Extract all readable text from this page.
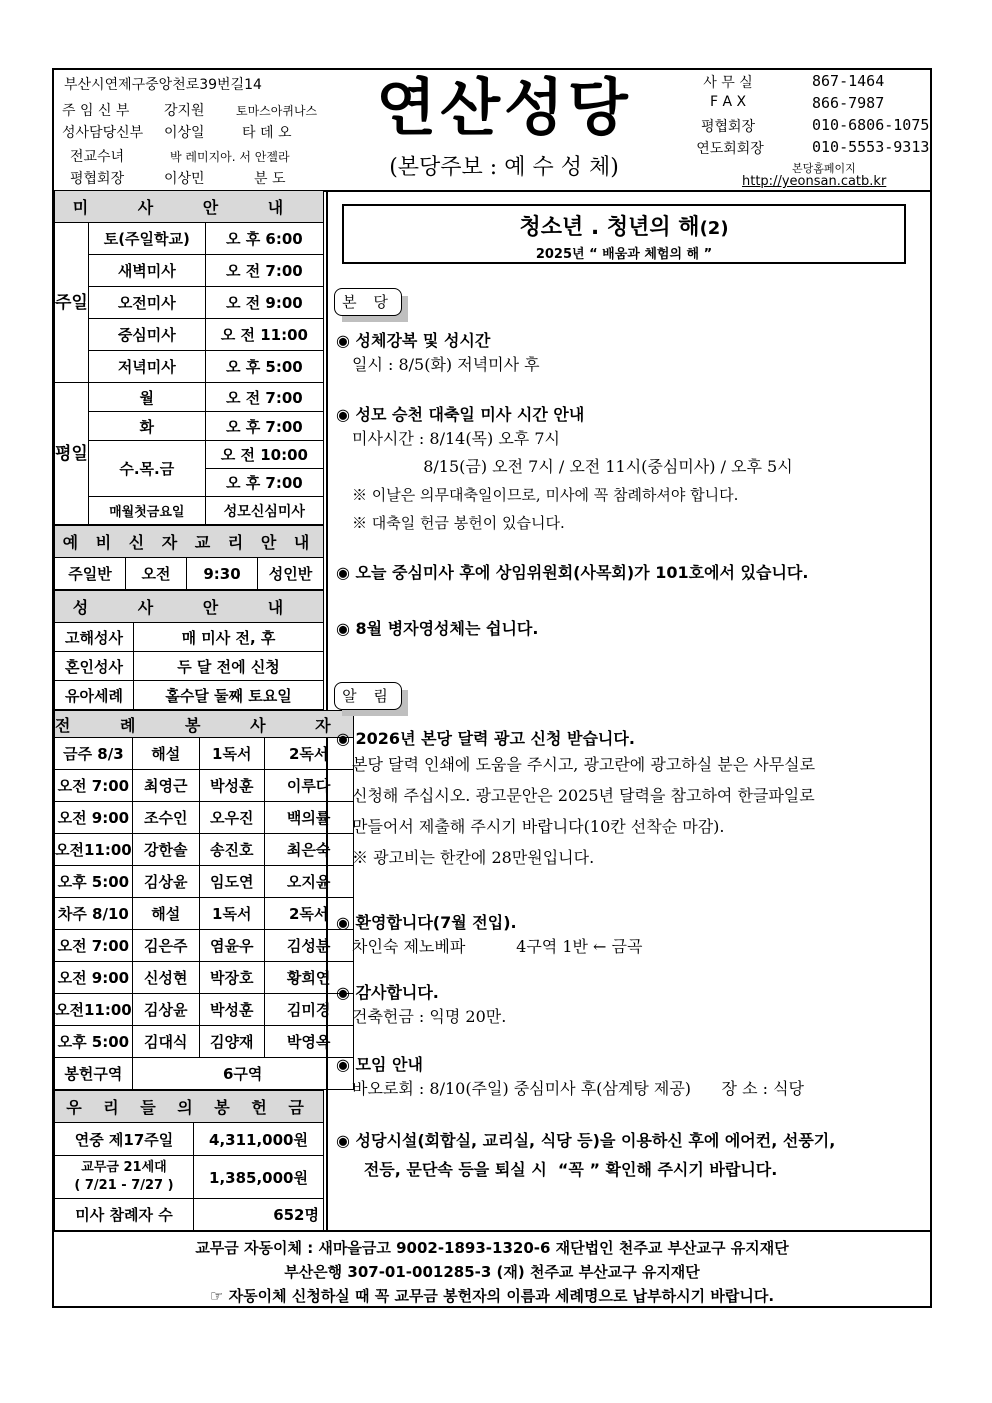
부산시연제구중앙천로39번길14
주 임 신 부 강지원	토마스아퀴나스
성사담당신부 이상일	타 데 오
전교수녀	박 레미지아. 서 안젤라
평협회장	이상민	분 도
연산성당
(본당주보 : 예 수 성 체)
사 무 실	867-1464
F A X	866-7987
평협회장	010-6806-1075
연도회회장	010-5553-9313
본당홈페이지
http://yeonsan.catb.kr
미 사 안 내		
주일	토(주일학교)	오 후 6:00
	새벽미사	오 전 7:00
	오전미사	오 전 9:00
	중심미사	오 전 11:00
	저녁미사	오 후 5:00
평일	월	오 전 7:00
	화	오 후 7:00
	수.목.금	오 전 10:00
		오 후 7:00
	매월첫금요일	성모신심미사
예 비 신 자 교 리 안 내
주일반	오전	9:30	성인반
성 사 안 내	
고해성사	매 미사 전, 후
혼인성사	두 달 전에 신청
유아세례	홀수달 둘째 토요일
전 례 봉 사 자			
금주 8/3	해설	1독서	2독서
오전 7:00	최영근	박성훈	이루다
오전 9:00	조수인	오우진	백의률
오전11:00	강한솔	송진호	최은숙
오후 5:00	김상윤	임도연	오지윤
차주 8/10	해설	1독서	2독서
오전 7:00	김은주	염윤우	김성분
오전 9:00	신성현	박장호	황희연
오전11:00	김상윤	박성훈	김미경
오후 5:00	김대식	김양재	박영옥
봉헌구역	6구역		
우 리 들 의 봉 헌 금	
연중 제17주일	4,311,000원

교무금 21세대
( 7/21 - 7/27 )	1,385,000원
미사 참례자 수	652명
청소년 . 청년의 해(2)
2025년 “ 배움과 체험의 해 ”
본 당
◉ 성체강복 및 성시간
일시 : 8/5(화) 저녁미사 후
◉ 성모 승천 대축일 미사 시간 안내
미사시간 : 8/14(목) 오후 7시
8/15(금) 오전 7시 / 오전 11시(중심미사) / 오후 5시
※ 이날은 의무대축일이므로, 미사에 꼭 참례하셔야 합니다.
※ 대축일 헌금 봉헌이 있습니다.
◉ 오늘 중심미사 후에 상임위원회(사목회)가 101호에서 있습니다.
◉ 8월 병자영성체는 쉽니다.
알 림
◉ 2026년 본당 달력 광고 신청 받습니다.
본당 달력 인쇄에 도움을 주시고, 광고란에 광고하실 분은 사무실로
신청해 주십시오. 광고문안은 2025년 달력을 참고하여 한글파일로
만들어서 제출해 주시기 바랍니다(10칸 선착순 마감).
※ 광고비는 한칸에 28만원입니다.
◉ 환영합니다(7월 전입).
차인숙 제노베파          4구역 1반 ← 금곡
◉ 감사합니다.
건축헌금 : 익명 20만.
◉ 모임 안내
바오로회 : 8/10(주일) 중심미사 후(삼계탕 제공)      장 소 : 식당
◉ 성당시설(회합실, 교리실, 식당 등)을 이용하신 후에 에어컨, 선풍기,
전등, 문단속 등을 퇴실 시  “꼭 ” 확인해 주시기 바랍니다.
교무금 자동이체 : 새마을금고 9002-1893-1320-6 재단법인 천주교 부산교구 유지재단
부산은행 307-01-001285-3 (재) 천주교 부산교구 유지재단
☞ 자동이체 신청하실 때 꼭 교무금 봉헌자의 이름과 세례명으로 납부하시기 바랍니다.
